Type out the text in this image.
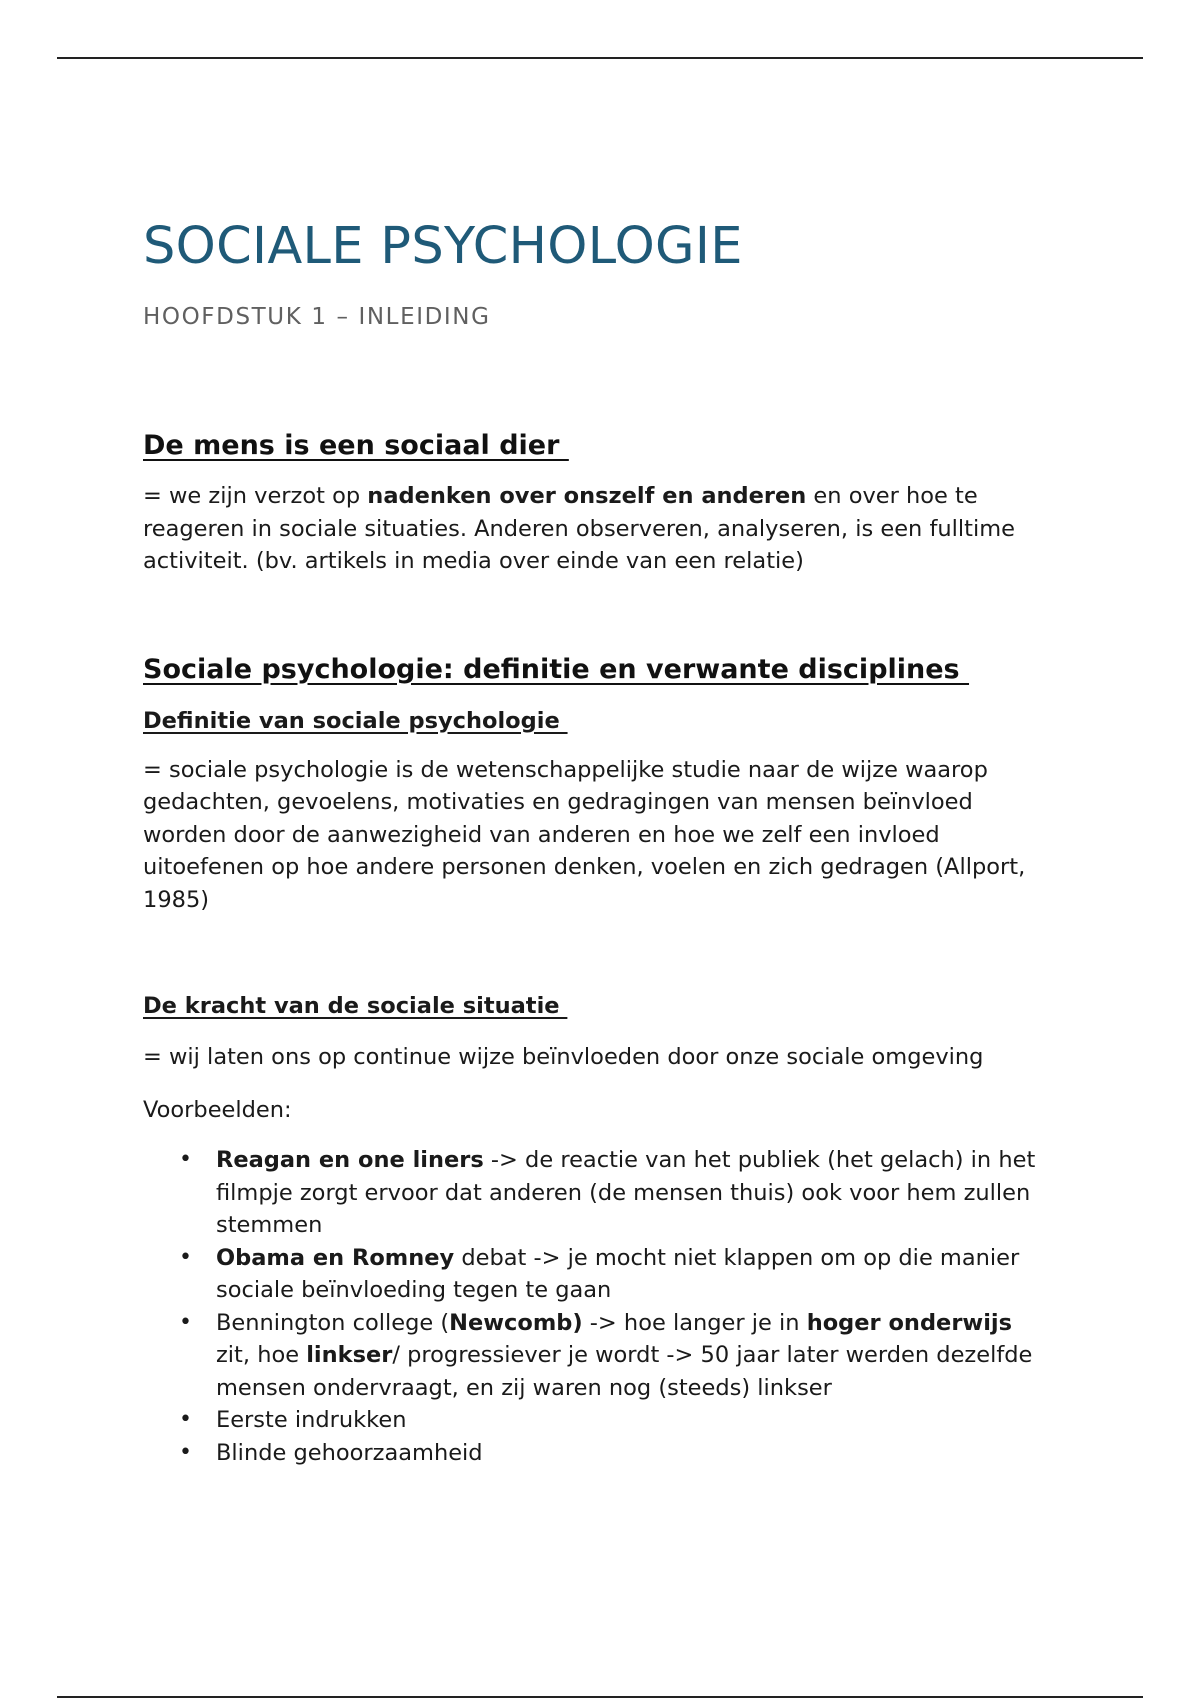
SOCIALE PSYCHOLOGIE
HOOFDSTUK 1 – INLEIDING
De mens is een sociaal dier

= we zijn verzot op nadenken over onszelf en anderen en over hoe te reageren in sociale situaties. Anderen observeren, analyseren, is een fulltime activiteit. (bv. artikels in media over einde van een relatie)

Sociale psychologie: definitie en verwante disciplines
Definitie van sociale psychologie

= sociale psychologie is de wetenschappelijke studie naar de wijze waarop gedachten, gevoelens, motivaties en gedragingen van mensen beïnvloed worden door de aanwezigheid van anderen en hoe we zelf een invloed uitoefenen op hoe andere personen denken, voelen en zich gedragen (Allport, 1985)

De kracht van de sociale situatie

= wij laten ons op continue wijze beïnvloeden door onze sociale omgeving

Voorbeelden:

• Reagan en one liners -> de reactie van het publiek (het gelach) in het filmpje zorgt ervoor dat anderen (de mensen thuis) ook voor hem zullen stemmen
• Obama en Romney debat -> je mocht niet klappen om op die manier sociale beïnvloeding tegen te gaan
• Bennington college (Newcomb) -> hoe langer je in hoger onderwijs zit, hoe linkser/ progressiever je wordt -> 50 jaar later werden dezelfde mensen ondervraagt, en zij waren nog (steeds) linkser
• Eerste indrukken
• Blinde gehoorzaamheid
